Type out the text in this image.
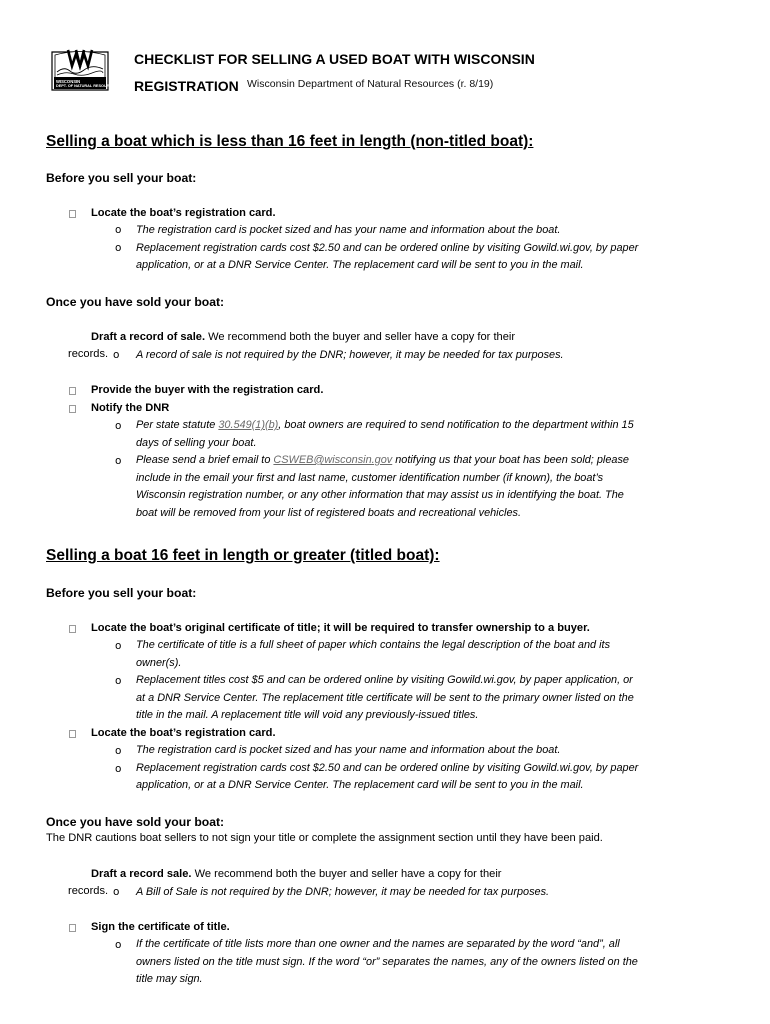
WISCONSIN
DEPT. OF NATURAL RESOURCES
CHECKLIST FOR SELLING A USED BOAT WITH WISCONSIN
REGISTRATION Wisconsin Department of Natural Resources (r. 8/19)
Selling a boat which is less than 16 feet in length (non-titled boat):
Before you sell your boat:
Locate the boat’s registration card.
o The registration card is pocket sized and has your name and information about the boat.
o Replacement registration cards cost $2.50 and can be ordered online by visiting Gowild.wi.gov, by paper
application, or at a DNR Service Center. The replacement card will be sent to you in the mail.
Once you have sold your boat:
Draft a record of sale. We recommend both the buyer and seller have a copy for their
records. o A record of sale is not required by the DNR; however, it may be needed for tax purposes.
Provide the buyer with the registration card.
Notify the DNR
o Per state statute 30.549(1)(b), boat owners are required to send notification to the department within 15
days of selling your boat.
o Please send a brief email to CSWEB@wisconsin.gov notifying us that your boat has been sold; please
include in the email your first and last name, customer identification number (if known), the boat’s
Wisconsin registration number, or any other information that may assist us in identifying the boat. The
boat will be removed from your list of registered boats and recreational vehicles.
Selling a boat 16 feet in length or greater (titled boat):
Before you sell your boat:
Locate the boat’s original certificate of title; it will be required to transfer ownership to a buyer.
o The certificate of title is a full sheet of paper which contains the legal description of the boat and its
owner(s).
o Replacement titles cost $5 and can be ordered online by visiting Gowild.wi.gov, by paper application, or
at a DNR Service Center. The replacement title certificate will be sent to the primary owner listed on the
title in the mail. A replacement title will void any previously-issued titles.
Locate the boat’s registration card.
o The registration card is pocket sized and has your name and information about the boat.
o Replacement registration cards cost $2.50 and can be ordered online by visiting Gowild.wi.gov, by paper
application, or at a DNR Service Center. The replacement card will be sent to you in the mail.
Once you have sold your boat:
The DNR cautions boat sellers to not sign your title or complete the assignment section until they have been paid.
Draft a record sale. We recommend both the buyer and seller have a copy for their
records. o A Bill of Sale is not required by the DNR; however, it may be needed for tax purposes.
Sign the certificate of title.
o If the certificate of title lists more than one owner and the names are separated by the word “and”, all
owners listed on the title must sign. If the word “or” separates the names, any of the owners listed on the
title may sign.
